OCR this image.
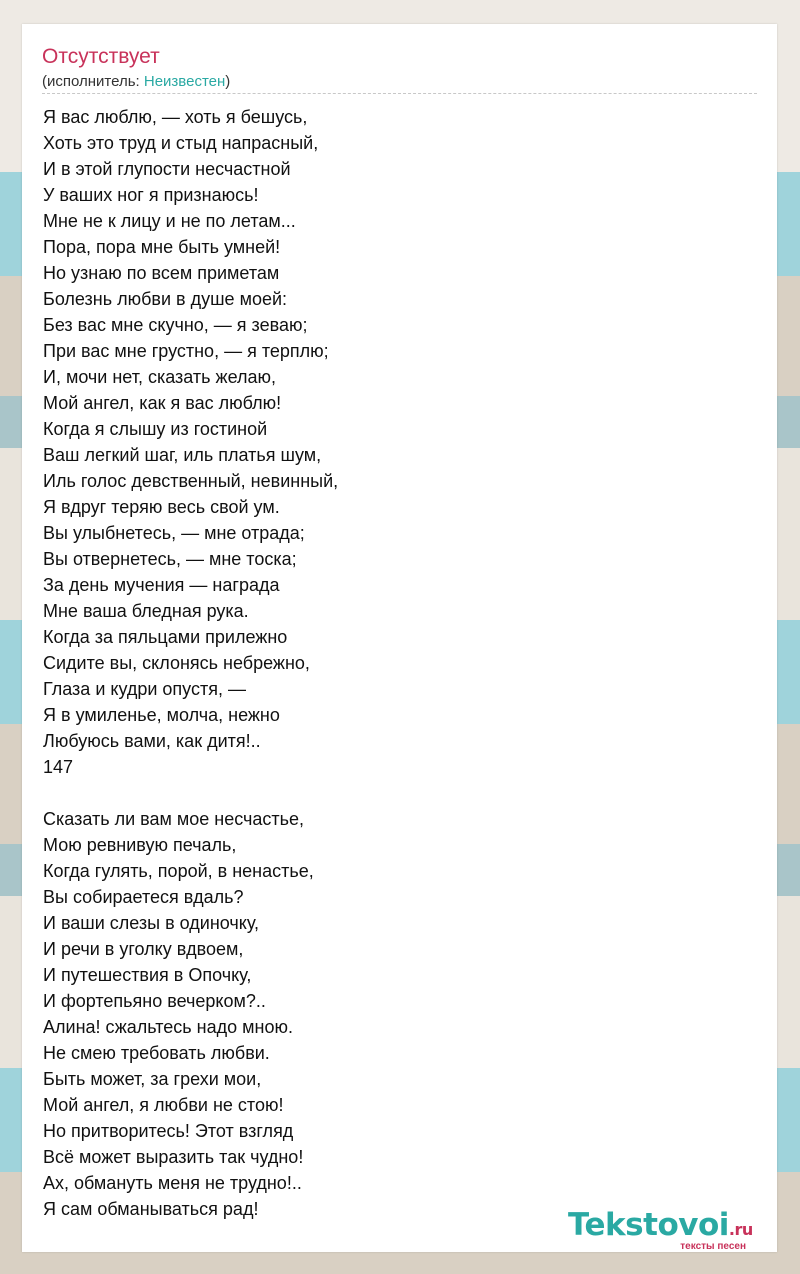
Отсутствует
(исполнитель: Неизвестен)
Я вас люблю, — хоть я бешусь,
Хоть это труд и стыд напрасный,
И в этой глупости несчастной
У ваших ног я признаюсь!
Мне не к лицу и не по летам...
Пора, пора мне быть умней!
Но узнаю по всем приметам
Болезнь любви в душе моей:
Без вас мне скучно, — я зеваю;
При вас мне грустно, — я терплю;
И, мочи нет, сказать желаю,
Мой ангел, как я вас люблю!
Когда я слышу из гостиной
Ваш легкий шаг, иль платья шум,
Иль голос девственный, невинный,
Я вдруг теряю весь свой ум.
Вы улыбнетесь, — мне отрада;
Вы отвернетесь, — мне тоска;
За день мучения — награда
Мне ваша бледная рука.
Когда за пяльцами прилежно
Сидите вы, склонясь небрежно,
Глаза и кудри опустя, —
Я в умиленье, молча, нежно
Любуюсь вами, как дитя!..
147
Сказать ли вам мое несчастье,
Мою ревнивую печаль,
Когда гулять, порой, в ненастье,
Вы собираетеся вдаль?
И ваши слезы в одиночку,
И речи в уголку вдвоем,
И путешествия в Опочку,
И фортепьяно вечерком?..
Алина! сжальтесь надо мною.
Не смею требовать любви.
Быть может, за грехи мои,
Мой ангел, я любви не стою!
Но притворитесь! Этот взгляд
Всё может выразить так чудно!
Ах, обмануть меня не трудно!..
Я сам обманываться рад!	Tekstovoi.ru
тексты песен
